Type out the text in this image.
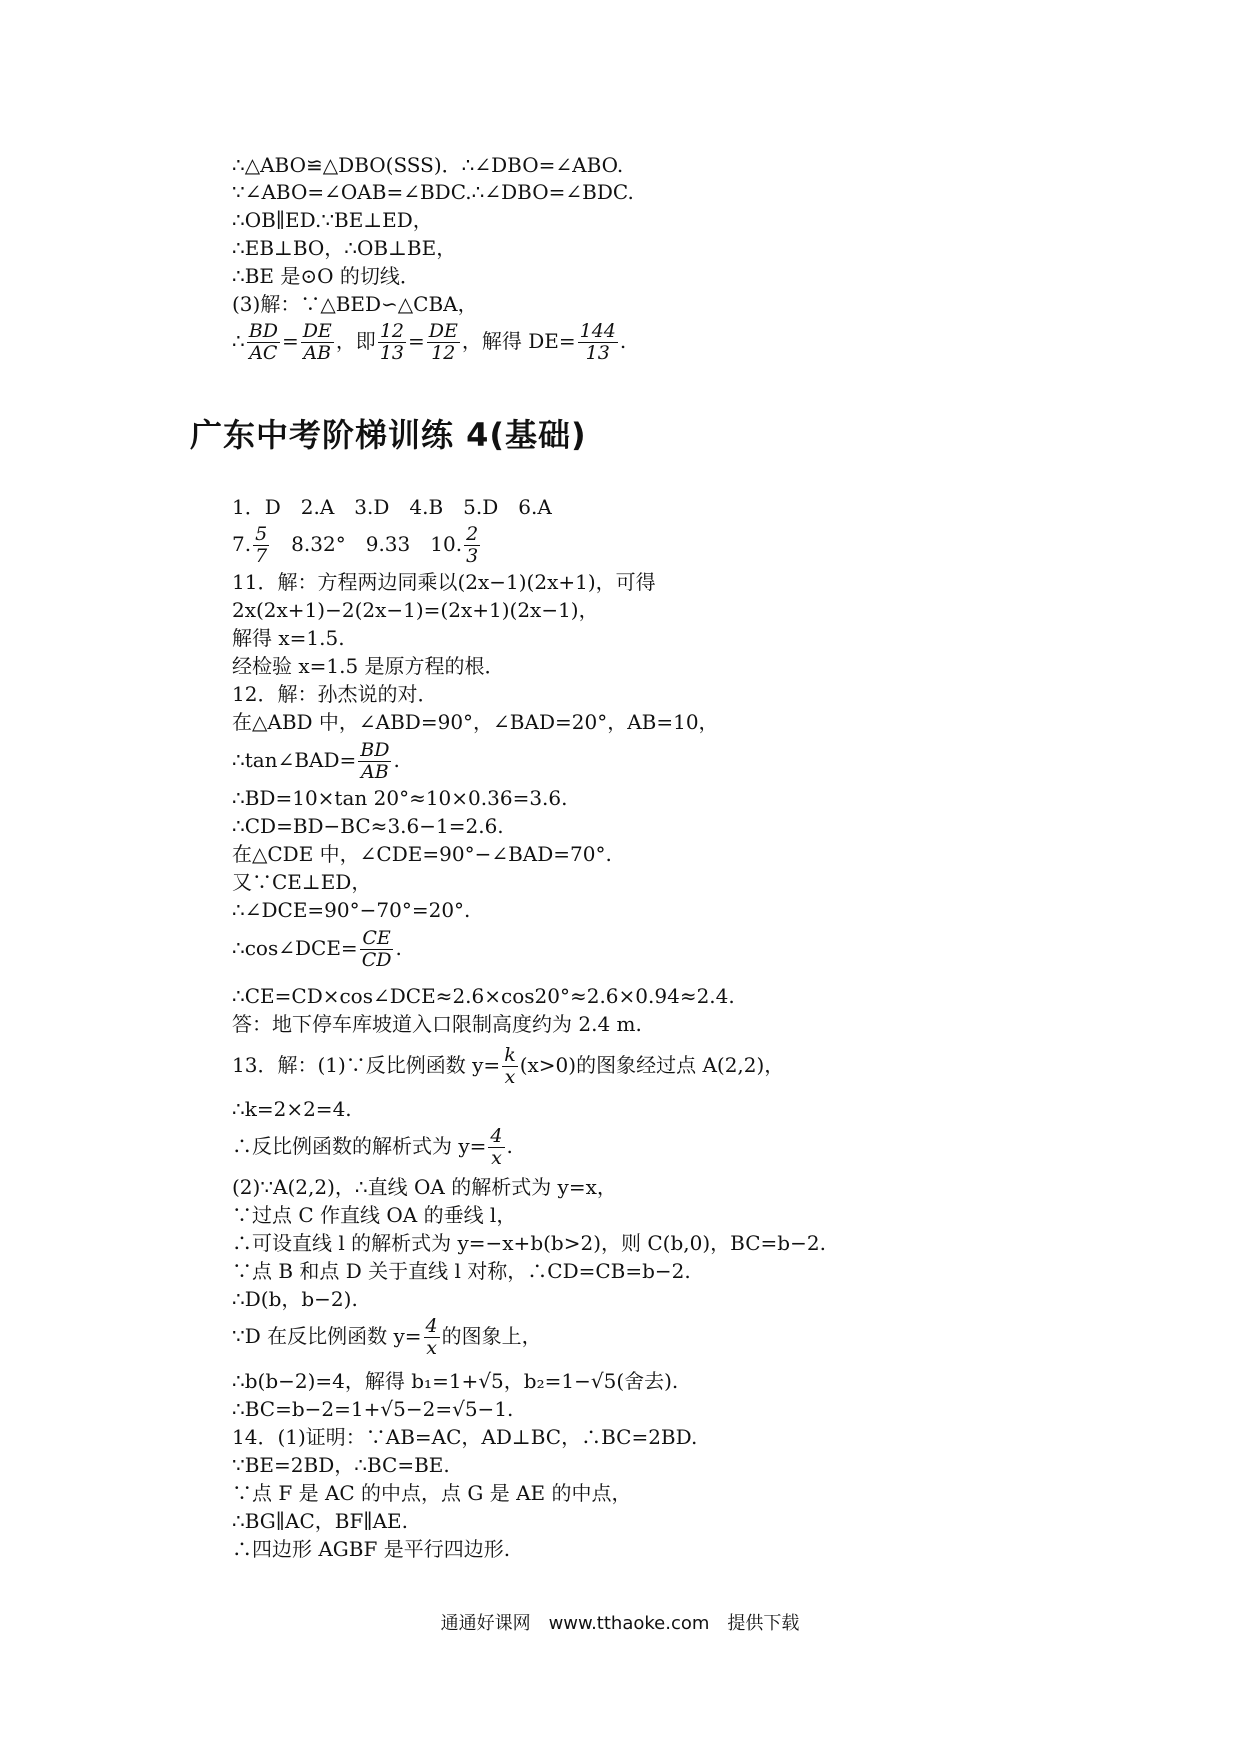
∴△ABO≌△DBO(SSS)．∴∠DBO=∠ABO.
∵∠ABO=∠OAB=∠BDC.∴∠DBO=∠BDC.
∴OB∥ED.∵BE⊥ED，
∴EB⊥BO，∴OB⊥BE，
∴BE 是⊙O 的切线．
(3)解：∵△BED∽△CBA，
∴ $\frac{BD}{AC} = \frac{DE}{AB}$ ，即 $\frac{12}{13} = \frac{DE}{12}$ ，解得 $DE= \frac{144}{13}$ .
广东中考阶梯训练 4(基础)
1．D　2.A　3.D　4.B　5.D　6.A
7. $\frac{5}{7}$ 　8.32°　9.33　10. $\frac{2}{3}$
11．解：方程两边同乘以(2x−1)(2x+1)，可得
2x(2x+1)−2(2x−1)=(2x+1)(2x−1)，
解得 x=1.5.
经检验 x=1.5 是原方程的根．
12．解：孙杰说的对．
在△ABD 中，∠ABD=90°，∠BAD=20°，AB=10，
∴tan∠BAD= $\frac{BD}{AB}$ .
∴BD=10×tan 20°≈10×0.36=3.6.
∴CD=BD−BC≈3.6−1=2.6.
在△CDE 中，∠CDE=90°−∠BAD=70°.
又∵CE⊥ED，
∴∠DCE=90°−70°=20°.
∴cos∠DCE= $\frac{CE}{CD}$ .
∴CE=CD×cos∠DCE≈2.6×cos20°≈2.6×0.94≈2.4.
答：地下停车库坡道入口限制高度约为 2.4 m.
13．解：(1)∵反比例函数 $y= \frac{k}{x} (x>0)$的图象经过点 A(2,2)，
∴k=2×2=4.
∴反比例函数的解析式为 $y= \frac{4}{x}$ .
(2)∵A(2,2)，∴直线 OA 的解析式为 y=x，
∵过点 C 作直线 OA 的垂线 l，
∴可设直线 l 的解析式为 y=−x+b(b>2)，则 C(b,0)，BC=b−2.
∵点 B 和点 D 关于直线 l 对称，∴CD=CB=b−2.
∴D(b，b−2).
∵D 在反比例函数 $y= \frac{4}{x}$ 的图象上，
∴b(b−2)=4，解得 b₁=1+√5，b₂=1−√5(舍去).
∴BC=b−2=1+√5−2=√5−1.
14．(1)证明：∵AB=AC，AD⊥BC，∴BC=2BD.
∵BE=2BD，∴BC=BE.
∵点 F 是 AC 的中点，点 G 是 AE 的中点，
∴BG∥AC，BF∥AE.
∴四边形 AGBF 是平行四边形.
通通好课网　www.tthaoke.com　提供下载
